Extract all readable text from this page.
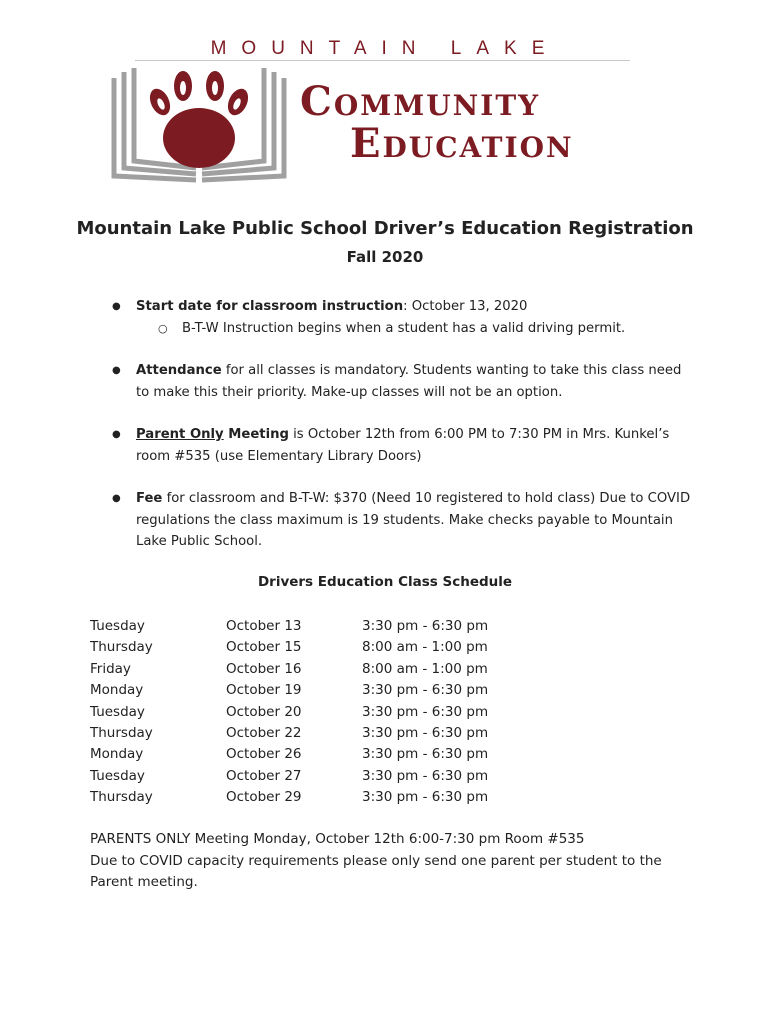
MOUNTAIN LAKE
Community
Education
Mountain Lake Public School Driver’s Education Registration
Fall 2020
● Start date for classroom instruction: October 13, 2020
○ B-T-W Instruction begins when a student has a valid driving permit.
● Attendance for all classes is mandatory. Students wanting to take this class need to make this their priority. Make-up classes will not be an option.
● Parent Only Meeting is October 12th from 6:00 PM to 7:30 PM in Mrs. Kunkel’s room #535 (use Elementary Library Doors)
● Fee for classroom and B-T-W: $370 (Need 10 registered to hold class) Due to COVID regulations the class maximum is 19 students. Make checks payable to Mountain Lake Public School.
Drivers Education Class Schedule
Tuesday	October 13	3:30 pm - 6:30 pm
Thursday	October 15	8:00 am - 1:00 pm
Friday	October 16	8:00 am - 1:00 pm
Monday	October 19	3:30 pm - 6:30 pm
Tuesday	October 20	3:30 pm - 6:30 pm
Thursday	October 22	3:30 pm - 6:30 pm
Monday	October 26	3:30 pm - 6:30 pm
Tuesday	October 27	3:30 pm - 6:30 pm
Thursday	October 29	3:30 pm - 6:30 pm
PARENTS ONLY Meeting Monday, October 12th 6:00-7:30 pm Room #535
Due to COVID capacity requirements please only send one parent per student to the Parent meeting.
